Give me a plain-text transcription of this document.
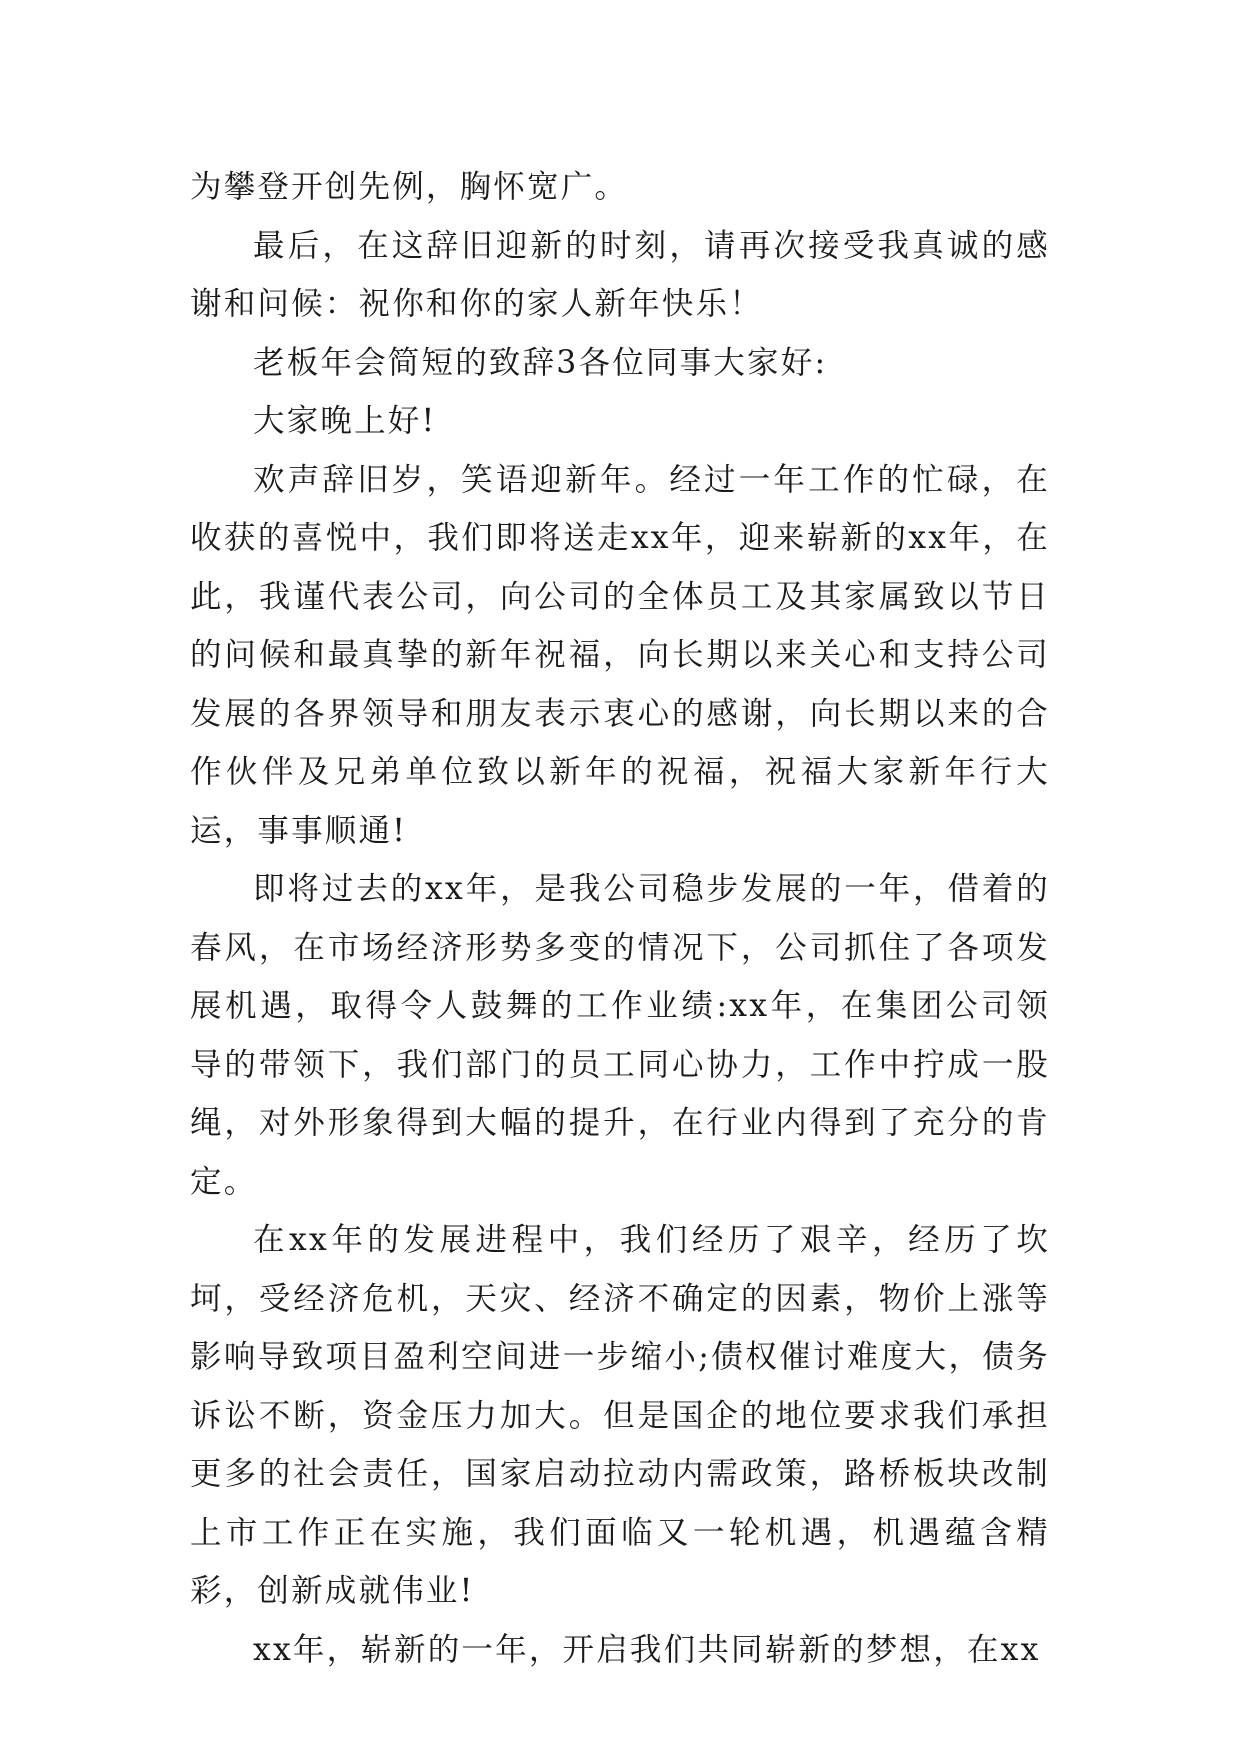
为攀登开创先例，胸怀宽广。

最后，在这辞旧迎新的时刻，请再次接受我真诚的感谢和问候：祝你和你的家人新年快乐！

老板年会简短的致辞3各位同事大家好:

大家晚上好!

欢声辞旧岁，笑语迎新年。经过一年工作的忙碌，在收获的喜悦中，我们即将送走xx年，迎来崭新的xx年，在此，我谨代表公司，向公司的全体员工及其家属致以节日的问候和最真挚的新年祝福，向长期以来关心和支持公司发展的各界领导和朋友表示衷心的感谢，向长期以来的合作伙伴及兄弟单位致以新年的祝福，祝福大家新年行大运，事事顺通!

即将过去的xx年，是我公司稳步发展的一年，借着的春风，在市场经济形势多变的情况下，公司抓住了各项发展机遇，取得令人鼓舞的工作业绩:xx年，在集团公司领导的带领下，我们部门的员工同心协力，工作中拧成一股绳，对外形象得到大幅的提升，在行业内得到了充分的肯定。

在xx年的发展进程中，我们经历了艰辛，经历了坎坷，受经济危机，天灾、经济不确定的因素，物价上涨等影响导致项目盈利空间进一步缩小;债权催讨难度大，债务诉讼不断，资金压力加大。但是国企的地位要求我们承担更多的社会责任，国家启动拉动内需政策，路桥板块改制上市工作正在实施，我们面临又一轮机遇，机遇蕴含精彩，创新成就伟业!

xx年，崭新的一年，开启我们共同崭新的梦想，在xx
